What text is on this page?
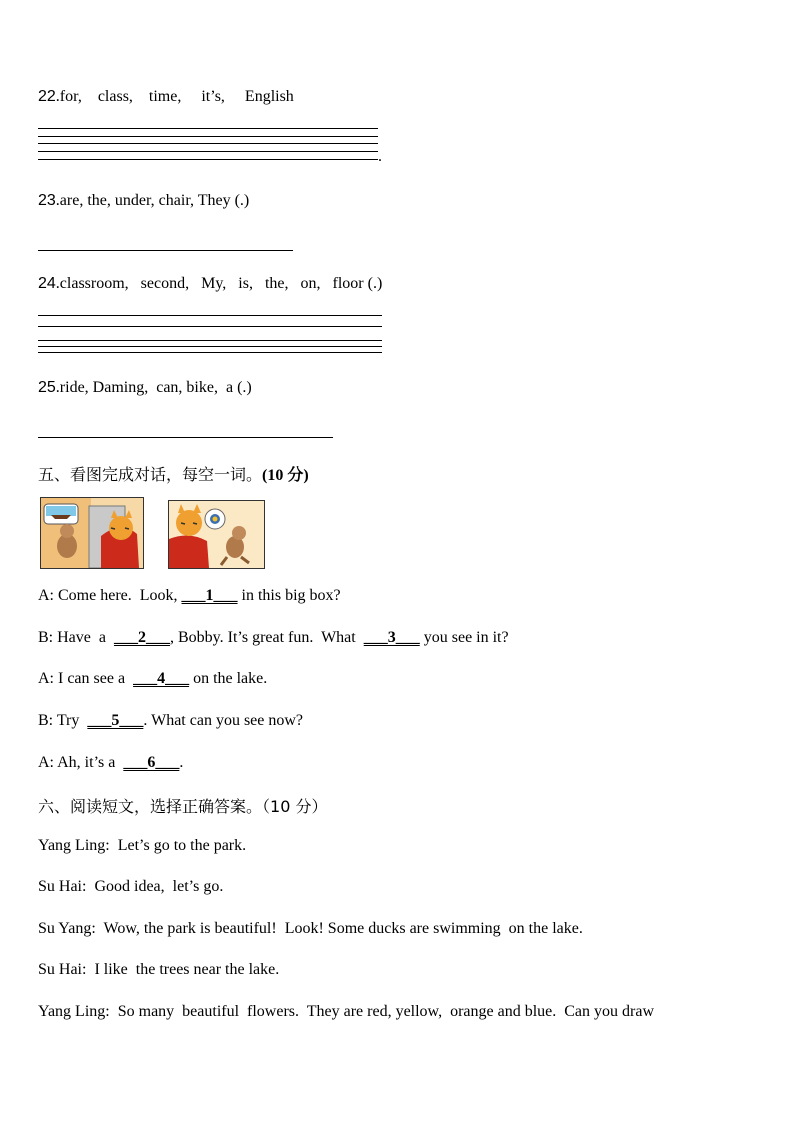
22.for,    class,    time,     it’s,     English
.
23.are, the, under, chair, They (.)
24.classroom,   second,   My,   is,   the,   on,   floor (.)
25.ride, Daming,  can, bike,  a (.)
五、看图完成对话，每空一词。(10 分)
A: Come here.  Look, ___1___ in this big box?
B: Have  a  ___2___, Bobby. It’s great fun.  What  ___3___ you see in it?
A: I can see a  ___4___ on the lake.
B: Try  ___5___. What can you see now?
A: Ah, it’s a  ___6___.
六、阅读短文，选择正确答案。（10 分）
Yang Ling:  Let’s go to the park.
Su Hai:  Good idea,  let’s go.
Su Yang:  Wow, the park is beautiful!  Look! Some ducks are swimming  on the lake.
Su Hai:  I like  the trees near the lake.
Yang Ling:  So many  beautiful  flowers.  They are red, yellow,  orange and blue.  Can you draw
